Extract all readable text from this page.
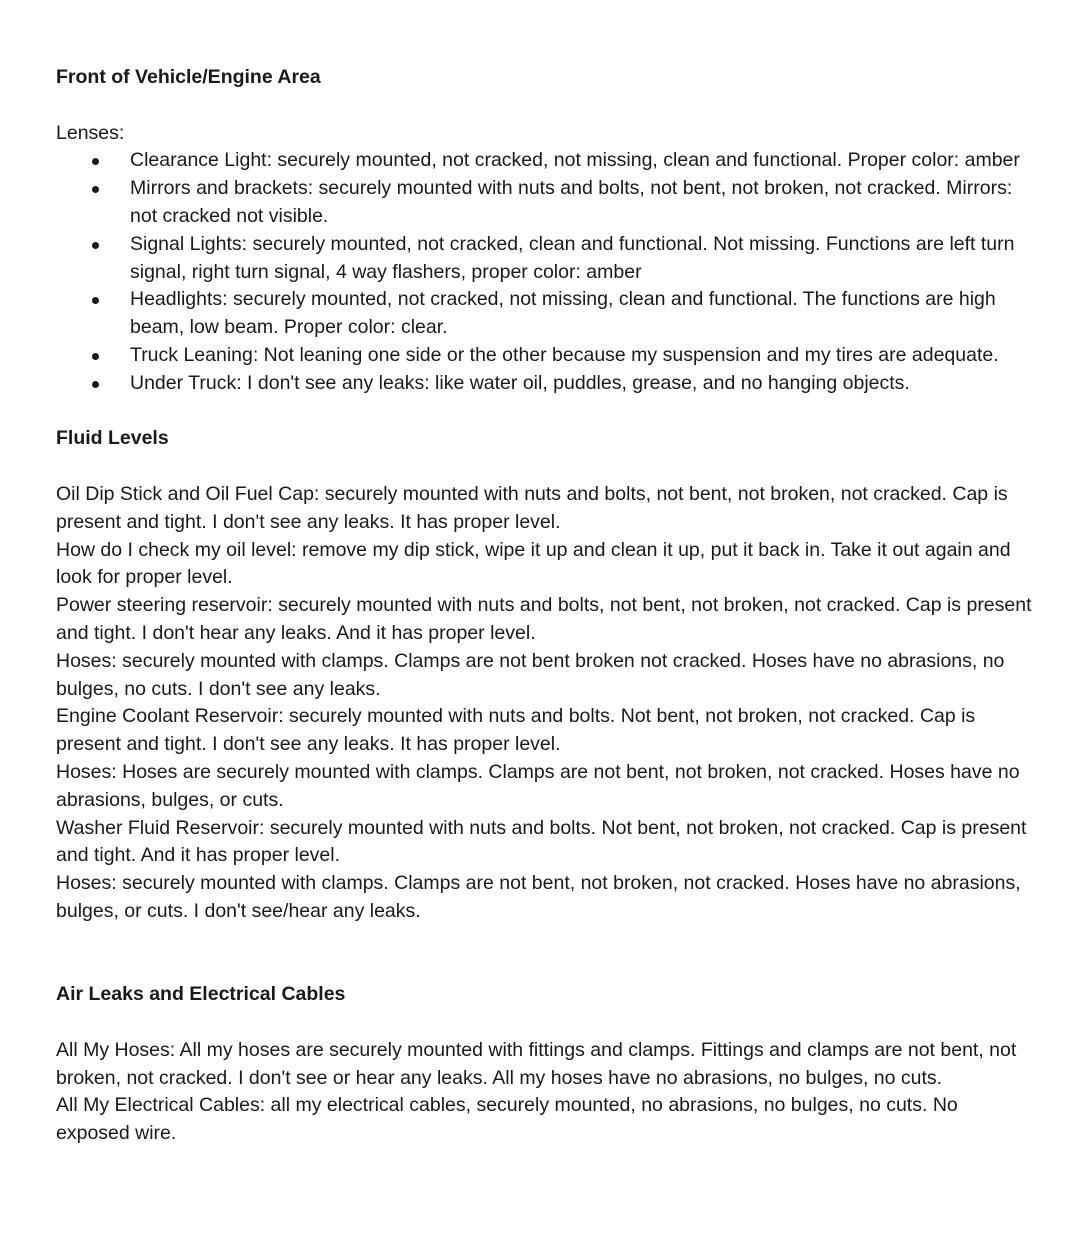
Front of Vehicle/Engine Area

Lenses:

Clearance Light: securely mounted, not cracked, not missing, clean and functional. Proper color: amber
Mirrors and brackets: securely mounted with nuts and bolts, not bent, not broken, not cracked. Mirrors: not cracked not visible.
Signal Lights: securely mounted, not cracked, clean and functional. Not missing. Functions are left turn signal, right turn signal, 4 way flashers, proper color: amber
Headlights: securely mounted, not cracked, not missing, clean and functional. The functions are high beam, low beam. Proper color: clear.
Truck Leaning: Not leaning one side or the other because my suspension and my tires are adequate.
Under Truck: I don't see any leaks: like water oil, puddles, grease, and no hanging objects.
Fluid Levels

Oil Dip Stick and Oil Fuel Cap: securely mounted with nuts and bolts, not bent, not broken, not cracked. Cap is present and tight. I don't see any leaks. It has proper level.

How do I check my oil level: remove my dip stick, wipe it up and clean it up, put it back in. Take it out again and look for proper level.

Power steering reservoir: securely mounted with nuts and bolts, not bent, not broken, not cracked. Cap is present and tight. I don't hear any leaks. And it has proper level.

Hoses: securely mounted with clamps. Clamps are not bent broken not cracked. Hoses have no abrasions, no bulges, no cuts. I don't see any leaks.

Engine Coolant Reservoir: securely mounted with nuts and bolts. Not bent, not broken, not cracked. Cap is present and tight. I don't see any leaks. It has proper level.

Hoses: Hoses are securely mounted with clamps. Clamps are not bent, not broken, not cracked. Hoses have no abrasions, bulges, or cuts.

Washer Fluid Reservoir: securely mounted with nuts and bolts. Not bent, not broken, not cracked. Cap is present and tight. And it has proper level.

Hoses: securely mounted with clamps. Clamps are not bent, not broken, not cracked. Hoses have no abrasions, bulges, or cuts. I don't see/hear any leaks.

Air Leaks and Electrical Cables

All My Hoses: All my hoses are securely mounted with fittings and clamps. Fittings and clamps are not bent, not broken, not cracked. I don't see or hear any leaks. All my hoses have no abrasions, no bulges, no cuts.

All My Electrical Cables: all my electrical cables, securely mounted, no abrasions, no bulges, no cuts. No exposed wire.
